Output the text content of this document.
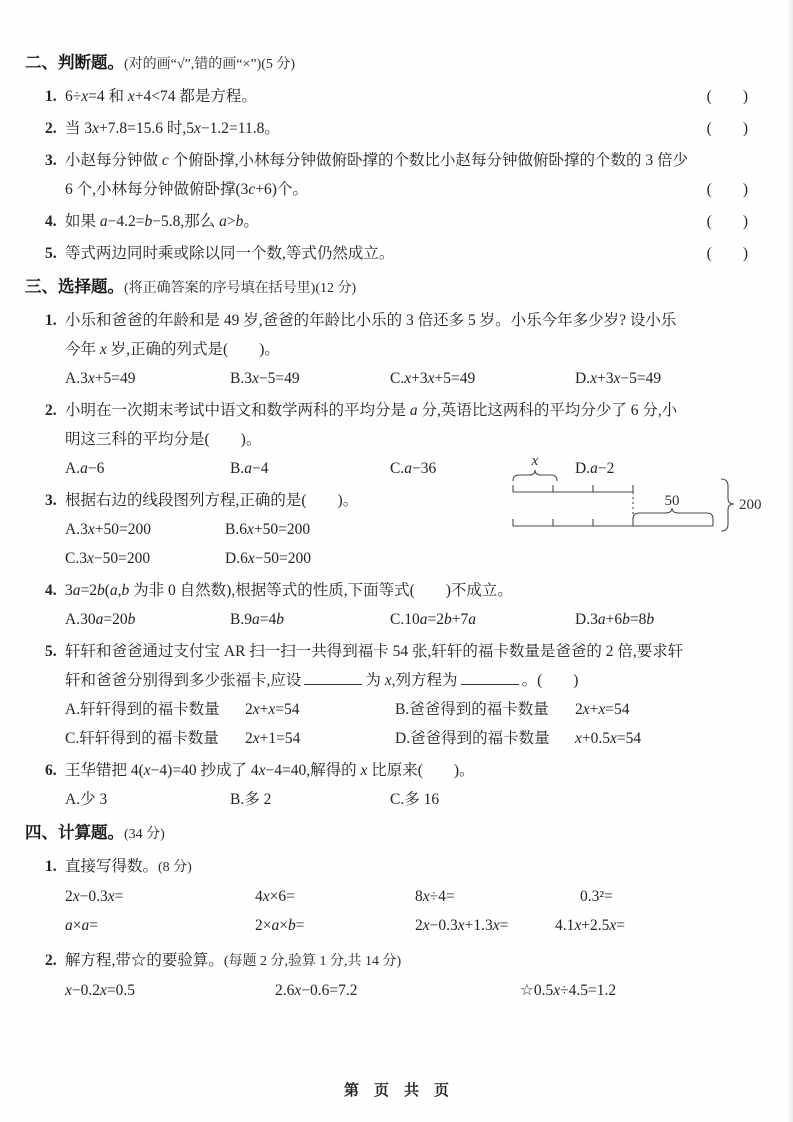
二、判断题。(对的画“√”,错的画“×”)(5 分)
1. 6÷x=4 和 x+4<74 都是方程。	(　　)
2. 当 3x+7.8=15.6 时,5x−1.2=11.8。	(　　)
3. 小赵每分钟做 c 个俯卧撑,小林每分钟做俯卧撑的个数比小赵每分钟做俯卧撑的个数的 3 倍少
6 个,小林每分钟做俯卧撑(3c+6)个。	(　　)
4. 如果 a−4.2=b−5.8,那么 a>b。	(　　)
5. 等式两边同时乘或除以同一个数,等式仍然成立。	(　　)
三、选择题。(将正确答案的序号填在括号里)(12 分)
1. 小乐和爸爸的年龄和是 49 岁,爸爸的年龄比小乐的 3 倍还多 5 岁。小乐今年多少岁? 设小乐
今年 x 岁,正确的列式是(　　)。
A.3x+5=49	B.3x−5=49	C.x+3x+5=49	D.x+3x−5=49
2. 小明在一次期末考试中语文和数学两科的平均分是 a 分,英语比这两科的平均分少了 6 分,小
明这三科的平均分是(　　)。
A.a−6	B.a−4	C.a−36	D.a−2
3. 根据右边的线段图列方程,正确的是(　　)。
A.3x+50=200	B.6x+50=200
C.3x−50=200	D.6x−50=200
4. 3a=2b(a,b 为非 0 自然数),根据等式的性质,下面等式(　　)不成立。
A.30a=20b	B.9a=4b	C.10a=2b+7a	D.3a+6b=8b
5. 轩轩和爸爸通过支付宝 AR 扫一扫一共得到福卡 54 张,轩轩的福卡数量是爸爸的 2 倍,要求轩
轩和爸爸分别得到多少张福卡,应设	为 x,列方程为	。(　　)
A.轩轩得到的福卡数量	2x+x=54	B.爸爸得到的福卡数量	2x+x=54
C.轩轩得到的福卡数量	2x+1=54	D.爸爸得到的福卡数量	x+0.5x=54
6. 王华错把 4(x−4)=40 抄成了 4x−4=40,解得的 x 比原来(　　)。
A.少 3	B.多 2	C.多 16
四、计算题。(34 分)
1. 直接写得数。(8 分)
2x−0.3x=	4x×6=	8x÷4=	0.3²=
a×a=	2×a×b=	2x−0.3x+1.3x=	4.1x+2.5x=
2. 解方程,带☆的要验算。(每题 2 分,验算 1 分,共 14 分)
x−0.2x=0.5	2.6x−0.6=7.2	☆0.5x÷4.5=1.2
x
50	200
第　页　共　页
